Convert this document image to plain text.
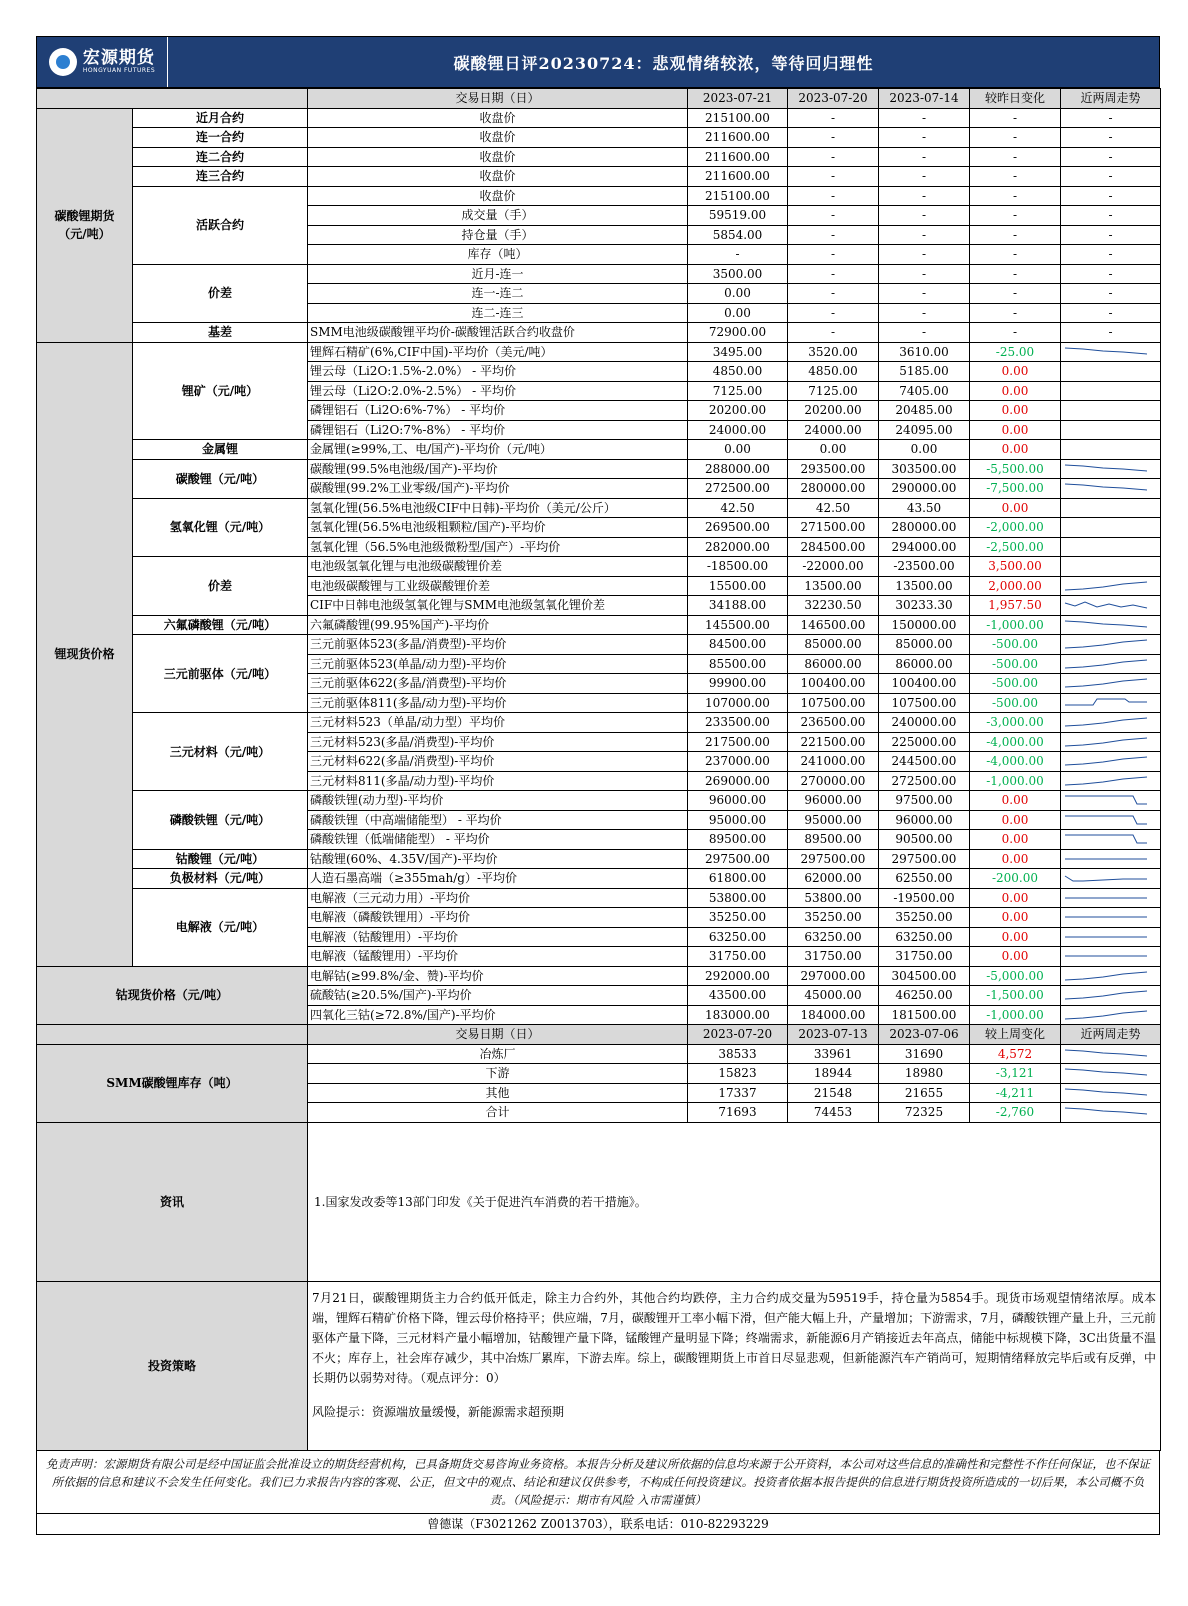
宏源期货
HONGYUAN FUTURES	碳酸锂日评20230724：悲观情绪较浓，等待回归理性
		交易日期（日）	2023-07-21	2023-07-20	2023-07-14	较昨日变化	近两周走势
碳酸锂期货
（元/吨）	近月合约	收盘价	215100.00	-	-	-	-
	连一合约	收盘价	211600.00	-	-	-	-
	连二合约	收盘价	211600.00	-	-	-	-
	连三合约	收盘价	211600.00	-	-	-	-
	活跃合约	收盘价	215100.00	-	-	-	-
		成交量（手）	59519.00	-	-	-	-
		持仓量（手）	5854.00	-	-	-	-
		库存（吨）	-	-	-	-	-
	价差	近月-连一	3500.00	-	-	-	-
		连一-连二	0.00	-	-	-	-
		连二-连三	0.00	-	-	-	-
	基差	SMM电池级碳酸锂平均价-碳酸锂活跃合约收盘价	72900.00	-	-	-	-
锂现货价格	锂矿（元/吨）	锂辉石精矿(6%,CIF中国)-平均价（美元/吨）	3495.00	3520.00	3610.00	-25.00	

		锂云母（Li2O:1.5%-2.0%） - 平均价	4850.00	4850.00	5185.00	0.00	
		锂云母（Li2O:2.0%-2.5%） - 平均价	7125.00	7125.00	7405.00	0.00	
		磷锂铝石（Li2O:6%-7%） - 平均价	20200.00	20200.00	20485.00	0.00	
		磷锂铝石（Li2O:7%-8%） - 平均价	24000.00	24000.00	24095.00	0.00	
	金属锂	金属锂(≥99%,工、电/国产)-平均价（元/吨）	0.00	0.00	0.00	0.00	
	碳酸锂（元/吨）	碳酸锂(99.5%电池级/国产)-平均价	288000.00	293500.00	303500.00	-5,500.00	

		碳酸锂(99.2%工业零级/国产)-平均价	272500.00	280000.00	290000.00	-7,500.00	

	氢氧化锂（元/吨）	氢氧化锂(56.5%电池级CIF中日韩)-平均价（美元/公斤）	42.50	42.50	43.50	0.00	
		氢氧化锂(56.5%电池级粗颗粒/国产)-平均价	269500.00	271500.00	280000.00	-2,000.00	
		氢氧化锂（56.5%电池级微粉型/国产）-平均价	282000.00	284500.00	294000.00	-2,500.00	
	价差	电池级氢氧化锂与电池级碳酸锂价差	-18500.00	-22000.00	-23500.00	3,500.00	
		电池级碳酸锂与工业级碳酸锂价差	15500.00	13500.00	13500.00	2,000.00	

		CIF中日韩电池级氢氧化锂与SMM电池级氢氧化锂价差	34188.00	32230.50	30233.30	1,957.50	

	六氟磷酸锂（元/吨）	六氟磷酸锂(99.95%国产)-平均价	145500.00	146500.00	150000.00	-1,000.00	

	三元前驱体（元/吨）	三元前驱体523(多晶/消费型)-平均价	84500.00	85000.00	85000.00	-500.00	

		三元前驱体523(单晶/动力型)-平均价	85500.00	86000.00	86000.00	-500.00	

		三元前驱体622(多晶/消费型)-平均价	99900.00	100400.00	100400.00	-500.00	

		三元前驱体811(多晶/动力型)-平均价	107000.00	107500.00	107500.00	-500.00	

	三元材料（元/吨）	三元材料523（单晶/动力型）平均价	233500.00	236500.00	240000.00	-3,000.00	

		三元材料523(多晶/消费型)-平均价	217500.00	221500.00	225000.00	-4,000.00	

		三元材料622(多晶/消费型)-平均价	237000.00	241000.00	244500.00	-4,000.00	

		三元材料811(多晶/动力型)-平均价	269000.00	270000.00	272500.00	-1,000.00	

	磷酸铁锂（元/吨）	磷酸铁锂(动力型)-平均价	96000.00	96000.00	97500.00	0.00	

		磷酸铁锂（中高端储能型） - 平均价	95000.00	95000.00	96000.00	0.00	

		磷酸铁锂（低端储能型） - 平均价	89500.00	89500.00	90500.00	0.00	

	钴酸锂（元/吨）	钴酸锂(60%、4.35V/国产)-平均价	297500.00	297500.00	297500.00	0.00	

	负极材料（元/吨）	人造石墨高端（≥355mah/g）-平均价	61800.00	62000.00	62550.00	-200.00	

	电解液（元/吨）	电解液（三元动力用）-平均价	53800.00	53800.00	-19500.00	0.00	

		电解液（磷酸铁锂用）-平均价	35250.00	35250.00	35250.00	0.00	

		电解液（钴酸锂用）-平均价	63250.00	63250.00	63250.00	0.00	

		电解液（锰酸锂用）-平均价	31750.00	31750.00	31750.00	0.00	

钴现货价格（元/吨）		电解钴(≥99.8%/金、赞)-平均价	292000.00	297000.00	304500.00	-5,000.00	

		硫酸钴(≥20.5%/国产)-平均价	43500.00	45000.00	46250.00	-1,500.00	

		四氧化三钴(≥72.8%/国产)-平均价	183000.00	184000.00	181500.00	-1,000.00	

		交易日期（日）	2023-07-20	2023-07-13	2023-07-06	较上周变化	近两周走势
SMM碳酸锂库存（吨）		冶炼厂	38533	33961	31690	4,572	

		下游	15823	18944	18980	-3,121	

		其他	17337	21548	21655	-4,211	

		合计	71693	74453	72325	-2,760	

资讯		1.国家发改委等13部门印发《关于促进汽车消费的若干措施》。					
投资策略		7月21日，碳酸锂期货主力合约低开低走，除主力合约外，其他合约均跌停，主力合约成交量为59519手，持仓量为5854手。现货市场观望情绪浓厚。成本端，锂辉石精矿价格下降，锂云母价格持平；供应端，7月，碳酸锂开工率小幅下滑，但产能大幅上升，产量增加；下游需求，7月，磷酸铁锂产量上升，三元前驱体产量下降，三元材料产量小幅增加，钴酸锂产量下降，锰酸锂产量明显下降；终端需求，新能源6月产销接近去年高点，储能中标规模下降，3C出货量不温不火；库存上，社会库存减少，其中冶炼厂累库，下游去库。综上，碳酸锂期货上市首日尽显悲观，但新能源汽车产销尚可，短期情绪释放完毕后或有反弹，中长期仍以弱势对待。（观点评分：0）
风险提示：资源端放量缓慢，新能源需求超预期					
免责声明：宏源期货有限公司是经中国证监会批准设立的期货经营机构，已具备期货交易咨询业务资格。本报告分析及建议所依据的信息均来源于公开资料，本公司对这些信息的准确性和完整性不作任何保证，也不保证所依据的信息和建议不会发生任何变化。我们已力求报告内容的客观、公正，但文中的观点、结论和建议仅供参考，不构成任何投资建议。投资者依据本报告提供的信息进行期货投资所造成的一切后果，本公司概不负责。（风险提示：期市有风险 入市需谨慎）
曾德谋（F3021262 Z0013703），联系电话：010-82293229
